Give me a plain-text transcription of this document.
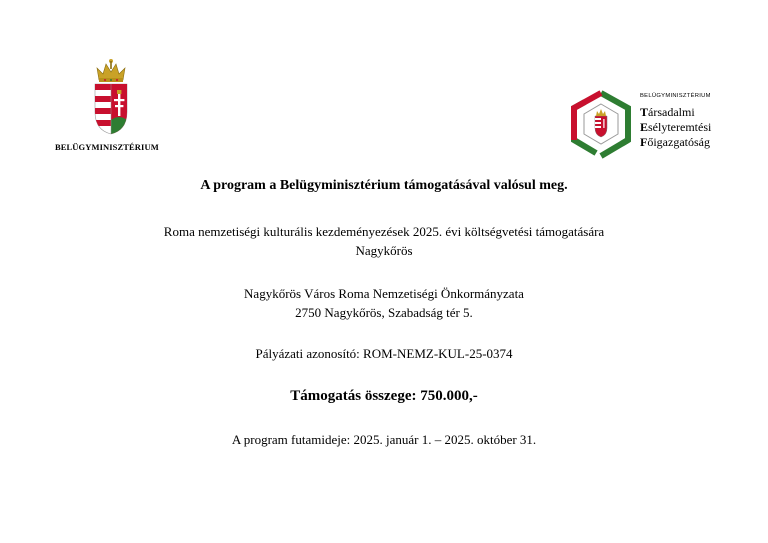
BELÜGYMINISZTÉRIUM
BELÜGYMINISZTÉRIUM
Társadalmi
Esélyteremtési
Főigazgatóság
A program a Belügyminisztérium támogatásával valósul meg.
Roma nemzetiségi kulturális kezdeményezések 2025. évi költségvetési támogatására
Nagykőrös
Nagykőrös Város Roma Nemzetiségi Önkormányzata
2750 Nagykőrös, Szabadság tér 5.
Pályázati azonosító: ROM-NEMZ-KUL-25-0374
Támogatás összege: 750.000,-
A program futamideje: 2025. január 1. – 2025. október 31.
